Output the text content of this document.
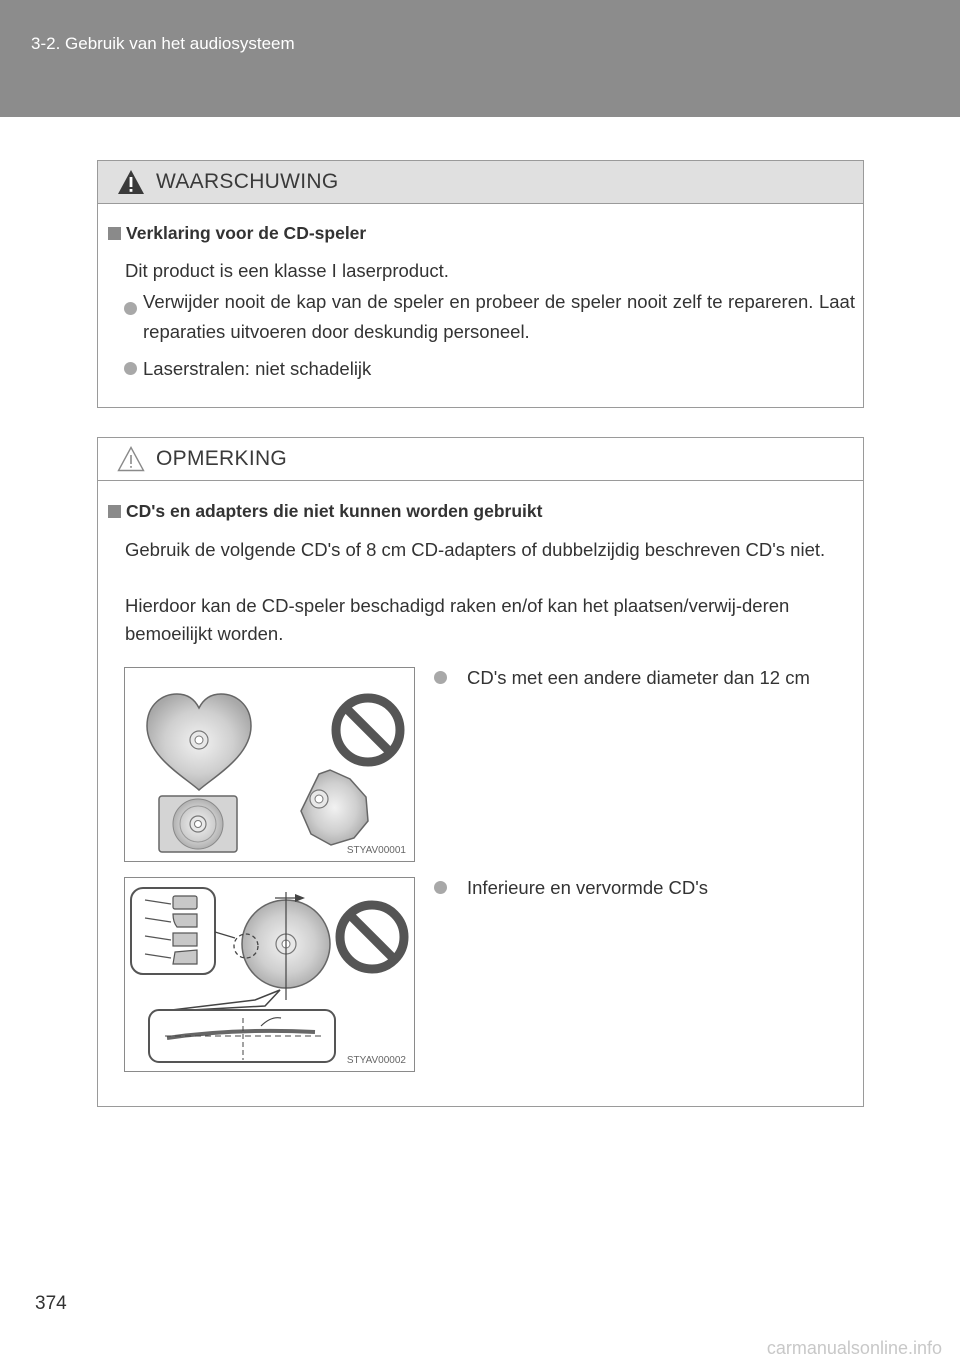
3-2. Gebruik van het audiosysteem
WAARSCHUWING
Verklaring voor de CD-speler
Dit product is een klasse I laserproduct.
Verwijder nooit de kap van de speler en probeer de speler nooit zelf te repareren. Laat reparaties uitvoeren door deskundig personeel.
Laserstralen: niet schadelijk
OPMERKING
CD's en adapters die niet kunnen worden gebruikt
Gebruik de volgende CD's of 8 cm CD-adapters of dubbelzijdig beschreven CD's niet.
Hierdoor kan de CD-speler beschadigd raken en/of kan het plaatsen/verwij-deren bemoeilijkt worden.
STYAV00001
CD's met een andere diameter dan 12 cm
STYAV00002
Inferieure en vervormde CD's
374
carmanualsonline.info
